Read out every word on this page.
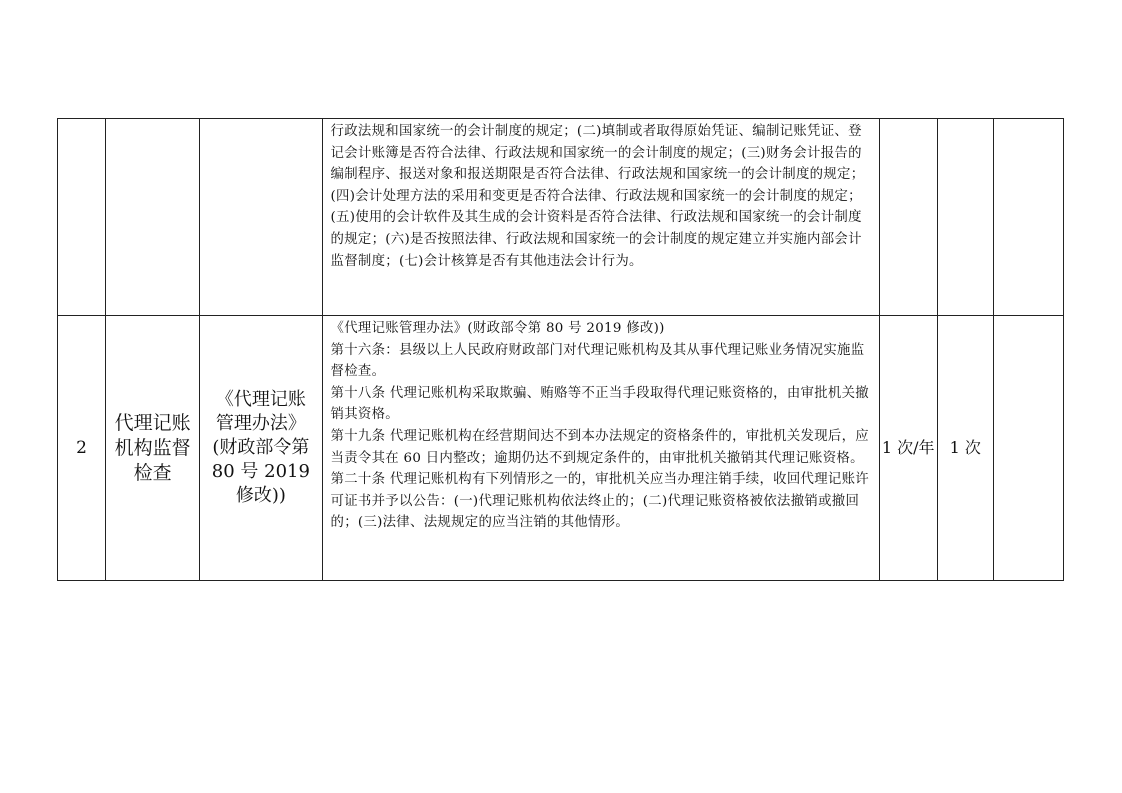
			行政法规和国家统一的会计制度的规定；(二)填制或者取得原始凭证、编制记账凭证、登记会计账簿是否符合法律、行政法规和国家统一的会计制度的规定；(三)财务会计报告的编制程序、报送对象和报送期限是否符合法律、行政法规和国家统一的会计制度的规定；(四)会计处理方法的采用和变更是否符合法律、行政法规和国家统一的会计制度的规定；(五)使用的会计软件及其生成的会计资料是否符合法律、行政法规和国家统一的会计制度的规定；(六)是否按照法律、行政法规和国家统一的会计制度的规定建立并实施内部会计监督制度；(七)会计核算是否有其他违法会计行为。			

2	代理记账机构监督检查	《代理记账管理办法》(财政部令第 80 号 2019 修改))	《代理记账管理办法》(财政部令第 80 号 2019 修改))

第十六条：县级以上人民政府财政部门对代理记账机构及其从事代理记账业务情况实施监督检查。

第十八条 代理记账机构采取欺骗、贿赂等不正当手段取得代理记账资格的，由审批机关撤销其资格。

第十九条 代理记账机构在经营期间达不到本办法规定的资格条件的，审批机关发现后，应当责令其在 60 日内整改；逾期仍达不到规定条件的，由审批机关撤销其代理记账资格。

第二十条 代理记账机构有下列情形之一的，审批机关应当办理注销手续，收回代理记账许可证书并予以公告：(一)代理记账机构依法终止的；(二)代理记账资格被依法撤销或撤回的；(三)法律、法规规定的应当注销的其他情形。	1 次/年	1 次	
